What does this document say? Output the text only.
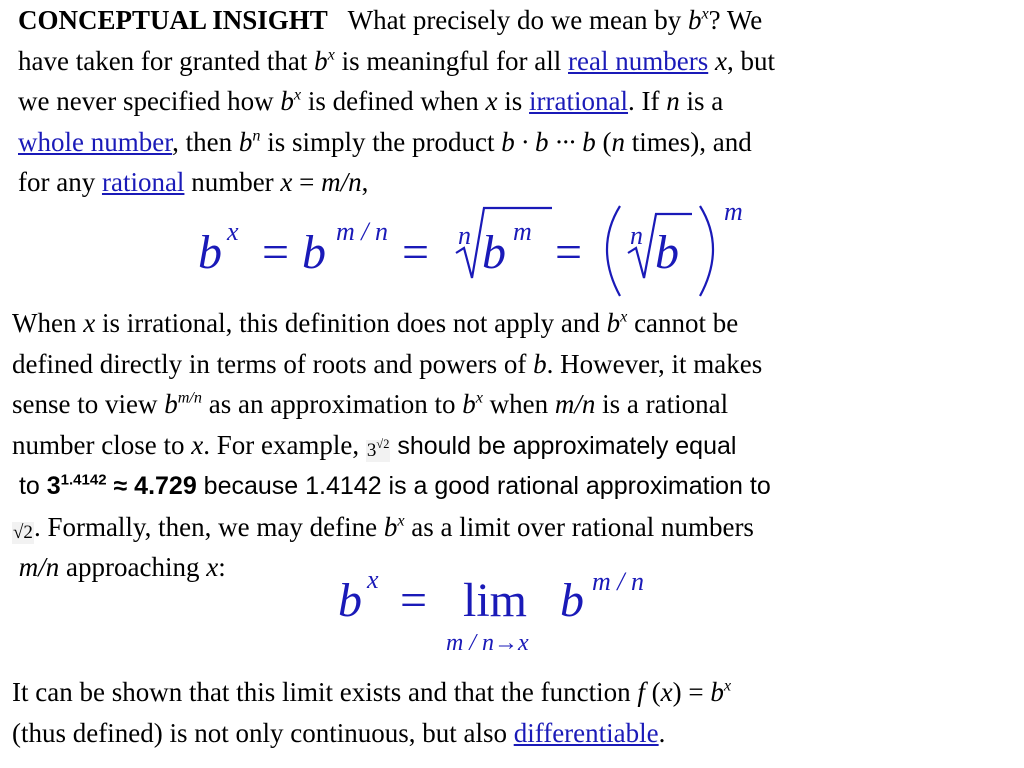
CONCEPTUAL INSIGHT What precisely do we mean by $b^x$? We
have taken for granted that $b^x$ is meaningful for all real numbers x, but
we never specified how $b^x$ is defined when x is irrational. If n is a
whole number, then $b^n$ is simply the product b · b ··· b (n times), and
for any rational number x = m/n,
b x = b m / n = n b m = n b
m
When x is irrational, this definition does not apply and $b^x$ cannot be
defined directly in terms of roots and powers of b. However, it makes
sense to view $b^{m/n}$ as an approximation to $b^x$ when m/n is a rational
number close to x. For example, $3^{√2}$ should be approximately equal
to $3^{1.4142} \approx 4.729$ because 1.4142 is a good rational approximation to
√2. Formally, then, we may define $b^x$ as a limit over rational numbers
m/n approaching x:
b x = lim b m / n
m / n→x
It can be shown that this limit exists and that the function f $(x) = b^x$
(thus defined) is not only continuous, but also differentiable.
